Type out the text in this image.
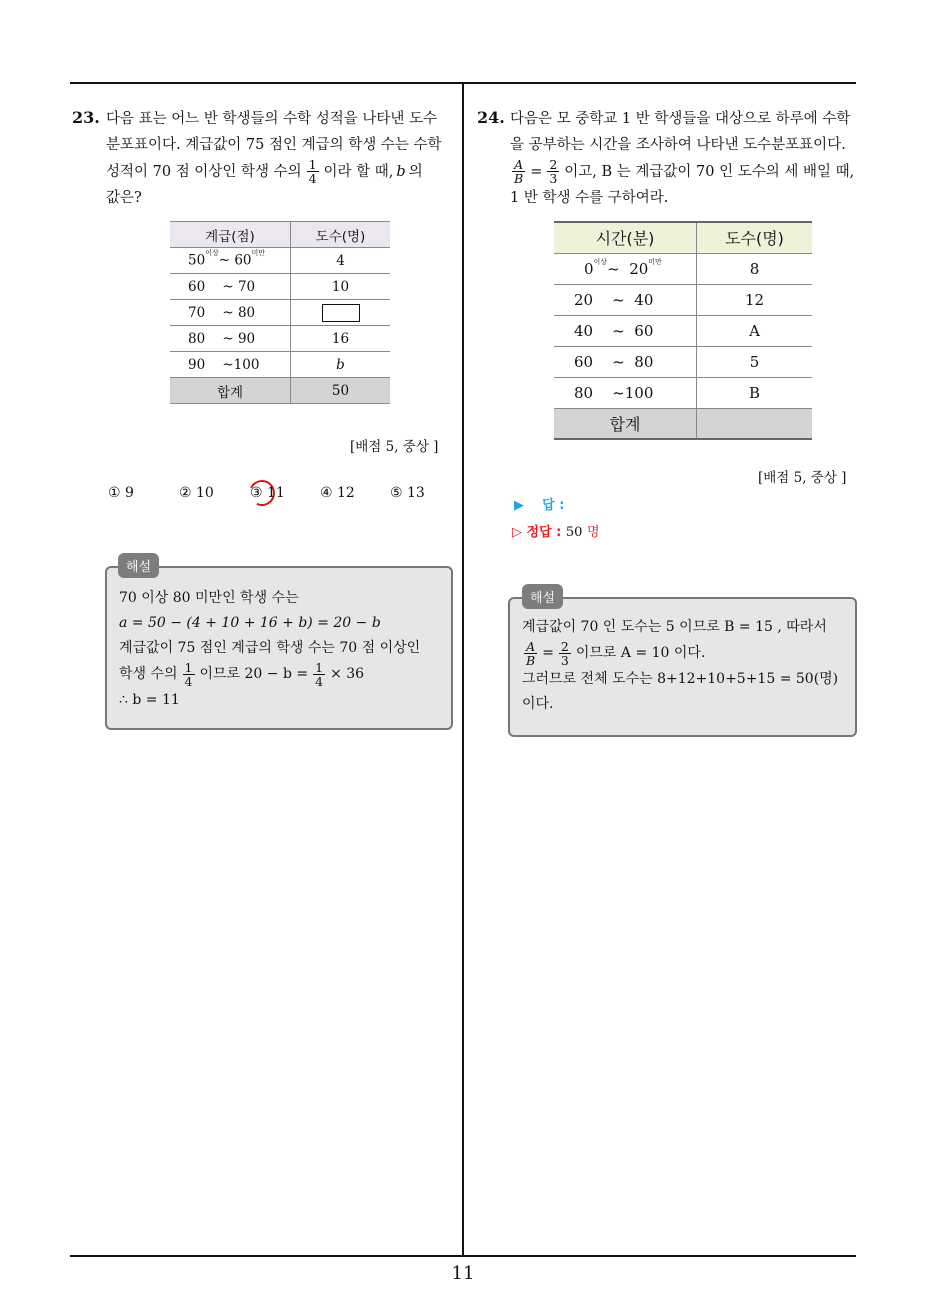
23. 다음 표는 어느 반 학생들의 수학 성적을 나타낸 도수
분포표이다. 계급값이 75 점인 계급의 학생 수는 수학
성적이 70 점 이상인 학생 수의 $\frac{1}{4}$ 이라 할 때, b 의
값은?
계급(점)	도수(명)
$50^{이상}\sim$ $60^{미만}$	4
60 ~ 70	10
70 ~ 80	
80 ~ 90	16
90 ~100	b
합계	50
[배점 5, 중상 ]
① 9	② 10	③ 11	④ 12	⑤ 13
70 이상 80 미만인 학생 수는
a = 50 − (4 + 10 + 16 + b) = 20 − b
계급값이 75 점인 계급의 학생 수는 70 점 이상인
학생 수의 $\frac{1}{4}$ 이므로 $20 - b = \frac{1}{4} \times 36$
∴ b = 11
해설
24. 다음은 모 중학교 1 반 학생들을 대상으로 하루에 수학
을 공부하는 시간을 조사하여 나타낸 도수분포표이다.
$\frac{A}{B} = \frac{2}{3}$ 이고, B 는 계급값이 70 인 도수의 세 배일 때,
1 반 학생 수를 구하여라.
시간(분)	도수(명)
$0^{이상}\sim$ $20^{미만}$	8
20 ~ 40	12
40 ~ 60	A
60 ~ 80	5
80 ~100	B
합계	
[배점 5, 중상 ]
▶ 답 :
▷ 정답 : 50 명
계급값이 70 인 도수는 5 이므로 B = 15 , 따라서
$\frac{A}{B} = \frac{2}{3}$ 이므로 A = 10 이다.
그러므로 전체 도수는 8+12+10+5+15 = 50(명)
이다.
해설
11
